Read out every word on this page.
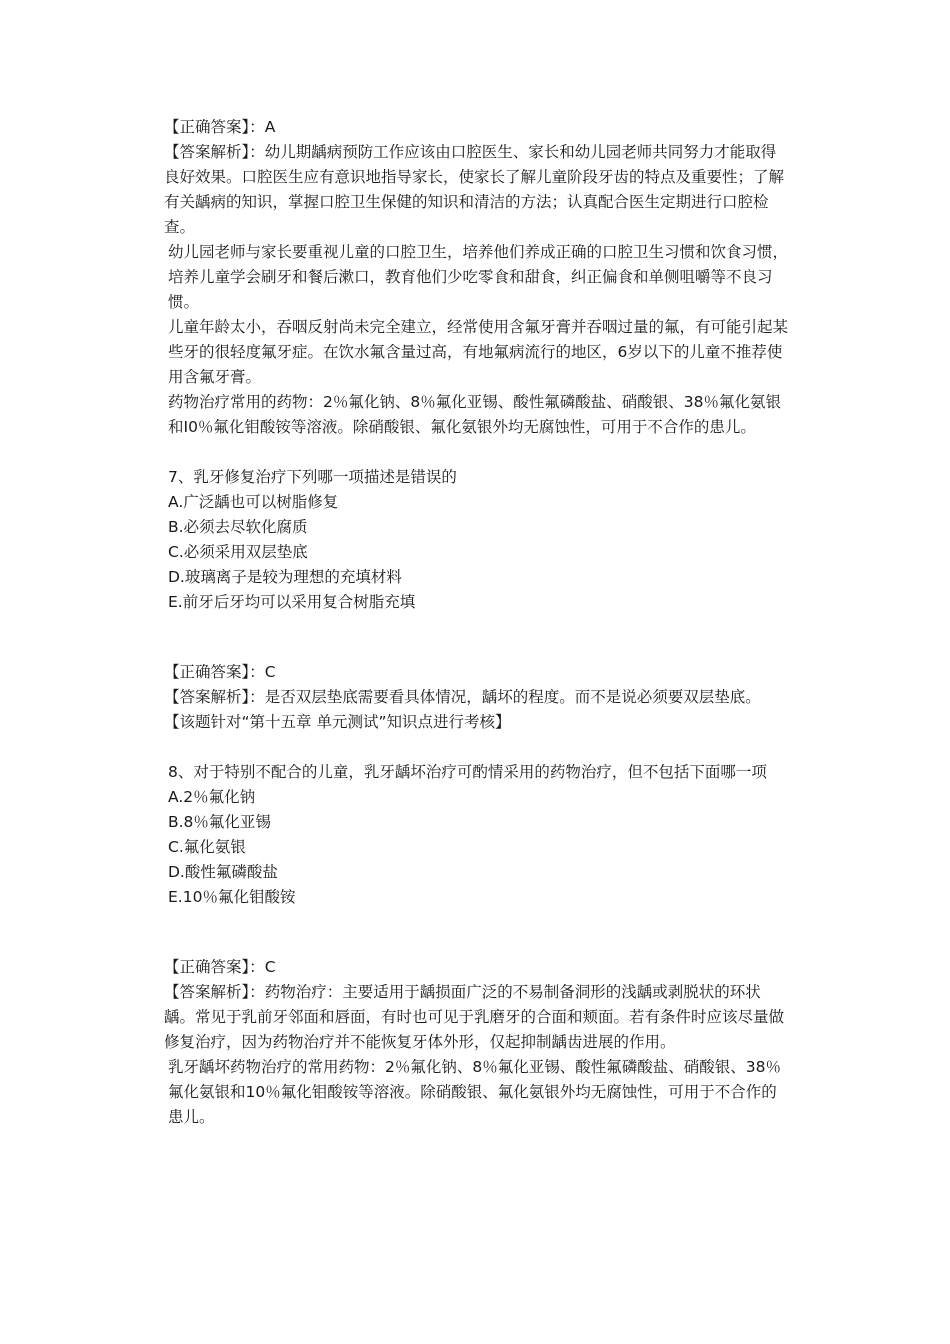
【正确答案】：A

【答案解析】：幼儿期龋病预防工作应该由口腔医生、家长和幼儿园老师共同努力才能取得良好效果。口腔医生应有意识地指导家长，使家长了解儿童阶段牙齿的特点及重要性；了解有关龋病的知识，掌握口腔卫生保健的知识和清洁的方法；认真配合医生定期进行口腔检查。

幼儿园老师与家长要重视儿童的口腔卫生，培养他们养成正确的口腔卫生习惯和饮食习惯，培养儿童学会刷牙和餐后漱口，教育他们少吃零食和甜食，纠正偏食和单侧咀嚼等不良习惯。

儿童年龄太小，吞咽反射尚未完全建立，经常使用含氟牙膏并吞咽过量的氟，有可能引起某些牙的很轻度氟牙症。在饮水氟含量过高，有地氟病流行的地区，6岁以下的儿童不推荐使用含氟牙膏。

药物治疗常用的药物：2％氟化钠、8％氟化亚锡、酸性氟磷酸盐、硝酸银、38％氟化氨银和I0％氟化钼酸铵等溶液。除硝酸银、氟化氨银外均无腐蚀性，可用于不合作的患儿。

7、乳牙修复治疗下列哪一项描述是错误的

A.广泛龋也可以树脂修复

B.必须去尽软化腐质

C.必须采用双层垫底

D.玻璃离子是较为理想的充填材料

E.前牙后牙均可以采用复合树脂充填

【正确答案】：C

【答案解析】：是否双层垫底需要看具体情况，龋坏的程度。而不是说必须要双层垫底。

【该题针对“第十五章 单元测试”知识点进行考核】

8、对于特别不配合的儿童，乳牙龋坏治疗可酌情采用的药物治疗，但不包括下面哪一项

A.2％氟化钠

B.8％氟化亚锡

C.氟化氨银

D.酸性氟磷酸盐

E.10％氟化钼酸铵

【正确答案】：C

【答案解析】：药物治疗：主要适用于龋损面广泛的不易制备洞形的浅龋或剥脱状的环状龋。常见于乳前牙邻面和唇面，有时也可见于乳磨牙的合面和颊面。若有条件时应该尽量做修复治疗，因为药物治疗并不能恢复牙体外形，仅起抑制龋齿进展的作用。

乳牙龋坏药物治疗的常用药物：2％氟化钠、8％氟化亚锡、酸性氟磷酸盐、硝酸银、38％氟化氨银和10％氟化钼酸铵等溶液。除硝酸银、氟化氨银外均无腐蚀性，可用于不合作的患儿。
